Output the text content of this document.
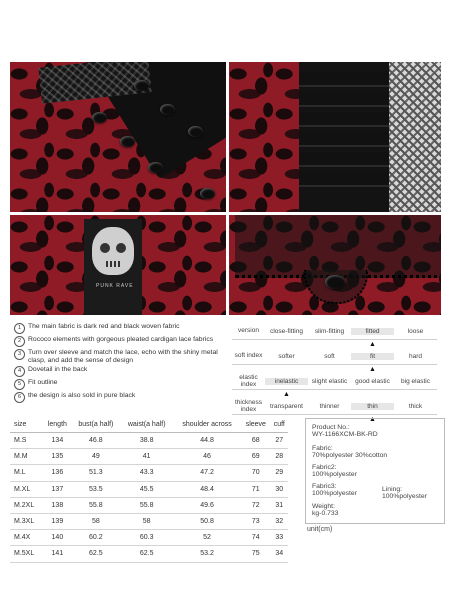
PUNK RAVE
1	The main fabric is dark red and black woven fabric
2	Rococo elements with gorgeous pleated cardigan lace fabrics
3	Turn over sleeve and match the lace, echo with the shiny metal clasp, and add the sense of design
4	Dovetail in the back
5	Fit outline
6	the design is also sold in pure black
version	close-fitting	slim-fitting	fitted	loose
▲
soft index	softer	soft	fit	hard
▲
elastic index	inelastic	slight elastic	good elastic	big elastic
▲
thickness index	transparent	thinner	thin	thick
▲
size	length	bust(a half)	waist(a half)	shoulder across	sleeve	cuff
M.S	134	46.8	38.8	44.8	68	27
M.M	135	49	41	46	69	28
M.L	136	51.3	43.3	47.2	70	29
M.XL	137	53.5	45.5	48.4	71	30
M.2XL	138	55.8	55.8	49.6	72	31
M.3XL	139	58	58	50.8	73	32
M.4X	140	60.2	60.3	52	74	33
M.5XL	141	62.5	62.5	53.2	75	34
Product No.:
WY-1166XCM-BK-RD
Fabric:
70%polyester 30%cotton
Fabric2:
100%polyester
Fabric3:
100%polyester
Lining:
100%polyester
Weight:
kg-0.733
unit(cm)
